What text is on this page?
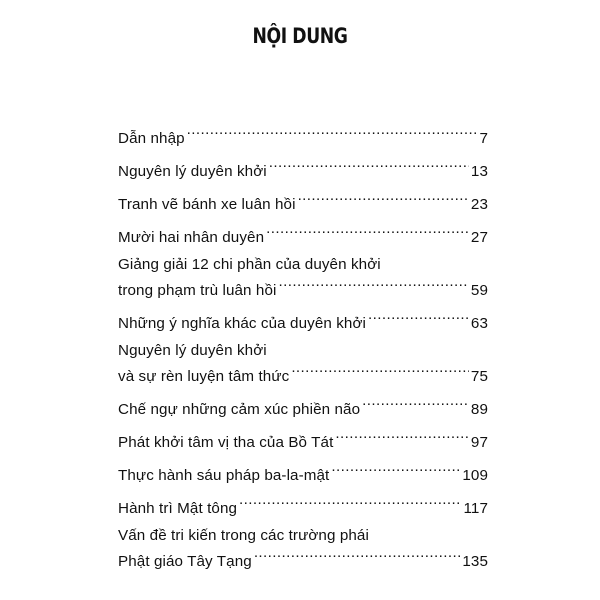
NỘI DUNG
Dẫn nhập .....	7
Nguyên lý duyên khởi .....	13
Tranh vẽ bánh xe luân hồi .....	23
Mười hai nhân duyên .....	27
Giảng giải 12 chi phần của duyên khởi
trong phạm trù luân hồi .....	59
Những ý nghĩa khác của duyên khởi .....	63
Nguyên lý duyên khởi
và sự rèn luyện tâm thức .....	75
Chế ngự những cảm xúc phiền não .....	89
Phát khởi tâm vị tha của Bồ Tát .....	97
Thực hành sáu pháp ba-la-mật .....	109
Hành trì Mật tông .....	117
Vấn đề tri kiến trong các trường phái
Phật giáo Tây Tạng .....	135
